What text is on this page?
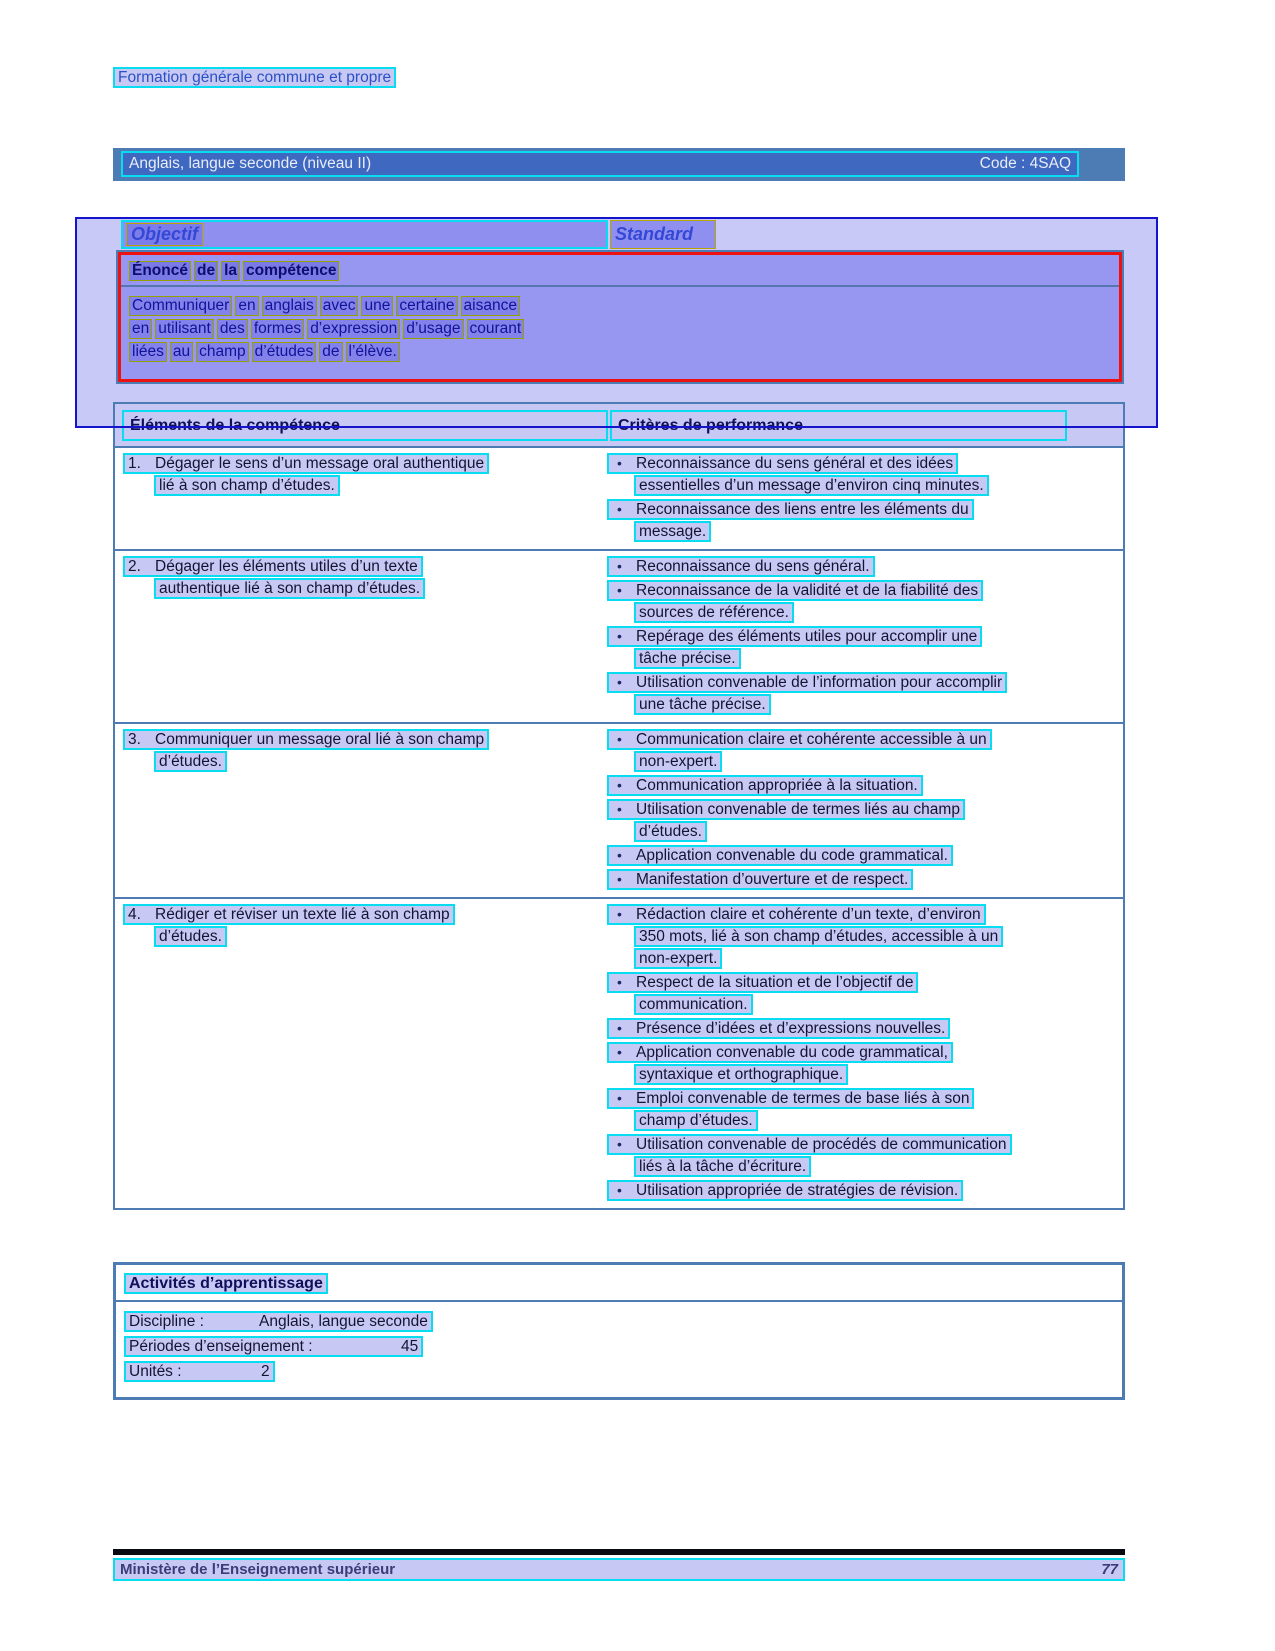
Formation générale commune et propre
Anglais, langue seconde (niveau II)	Code : 4SAQ
Objectif	Standard
Énoncé de la compétence
Communiquer en anglais avec une certaine aisance
en utilisant des formes d’expression d’usage courant
liées au champ d’études de l’élève.
Éléments de la compétence	Critères de performance
1. Dégager le sens d’un message oral authentique
lié à son champ d’études.
• Reconnaissance du sens général et des idées
essentielles d’un message d’environ cinq minutes.
• Reconnaissance des liens entre les éléments du
message.
2. Dégager les éléments utiles d’un texte
authentique lié à son champ d’études.
• Reconnaissance du sens général.
• Reconnaissance de la validité et de la fiabilité des
sources de référence.
• Repérage des éléments utiles pour accomplir une
tâche précise.
• Utilisation convenable de l’information pour accomplir
une tâche précise.
3. Communiquer un message oral lié à son champ
d’études.
• Communication claire et cohérente accessible à un
non-expert.
• Communication appropriée à la situation.
• Utilisation convenable de termes liés au champ
d’études.
• Application convenable du code grammatical.
• Manifestation d’ouverture et de respect.
4. Rédiger et réviser un texte lié à son champ
d’études.
• Rédaction claire et cohérente d’un texte, d’environ
350 mots, lié à son champ d’études, accessible à un
non-expert.
• Respect de la situation et de l’objectif de
communication.
• Présence d’idées et d’expressions nouvelles.
• Application convenable du code grammatical,
syntaxique et orthographique.
• Emploi convenable de termes de base liés à son
champ d’études.
• Utilisation convenable de procédés de communication
liés à la tâche d’écriture.
• Utilisation appropriée de stratégies de révision.
Activités d’apprentissage
Discipline :	Anglais, langue seconde
Périodes d’enseignement :	45
Unités :	2
Ministère de l’Enseignement supérieur	77
